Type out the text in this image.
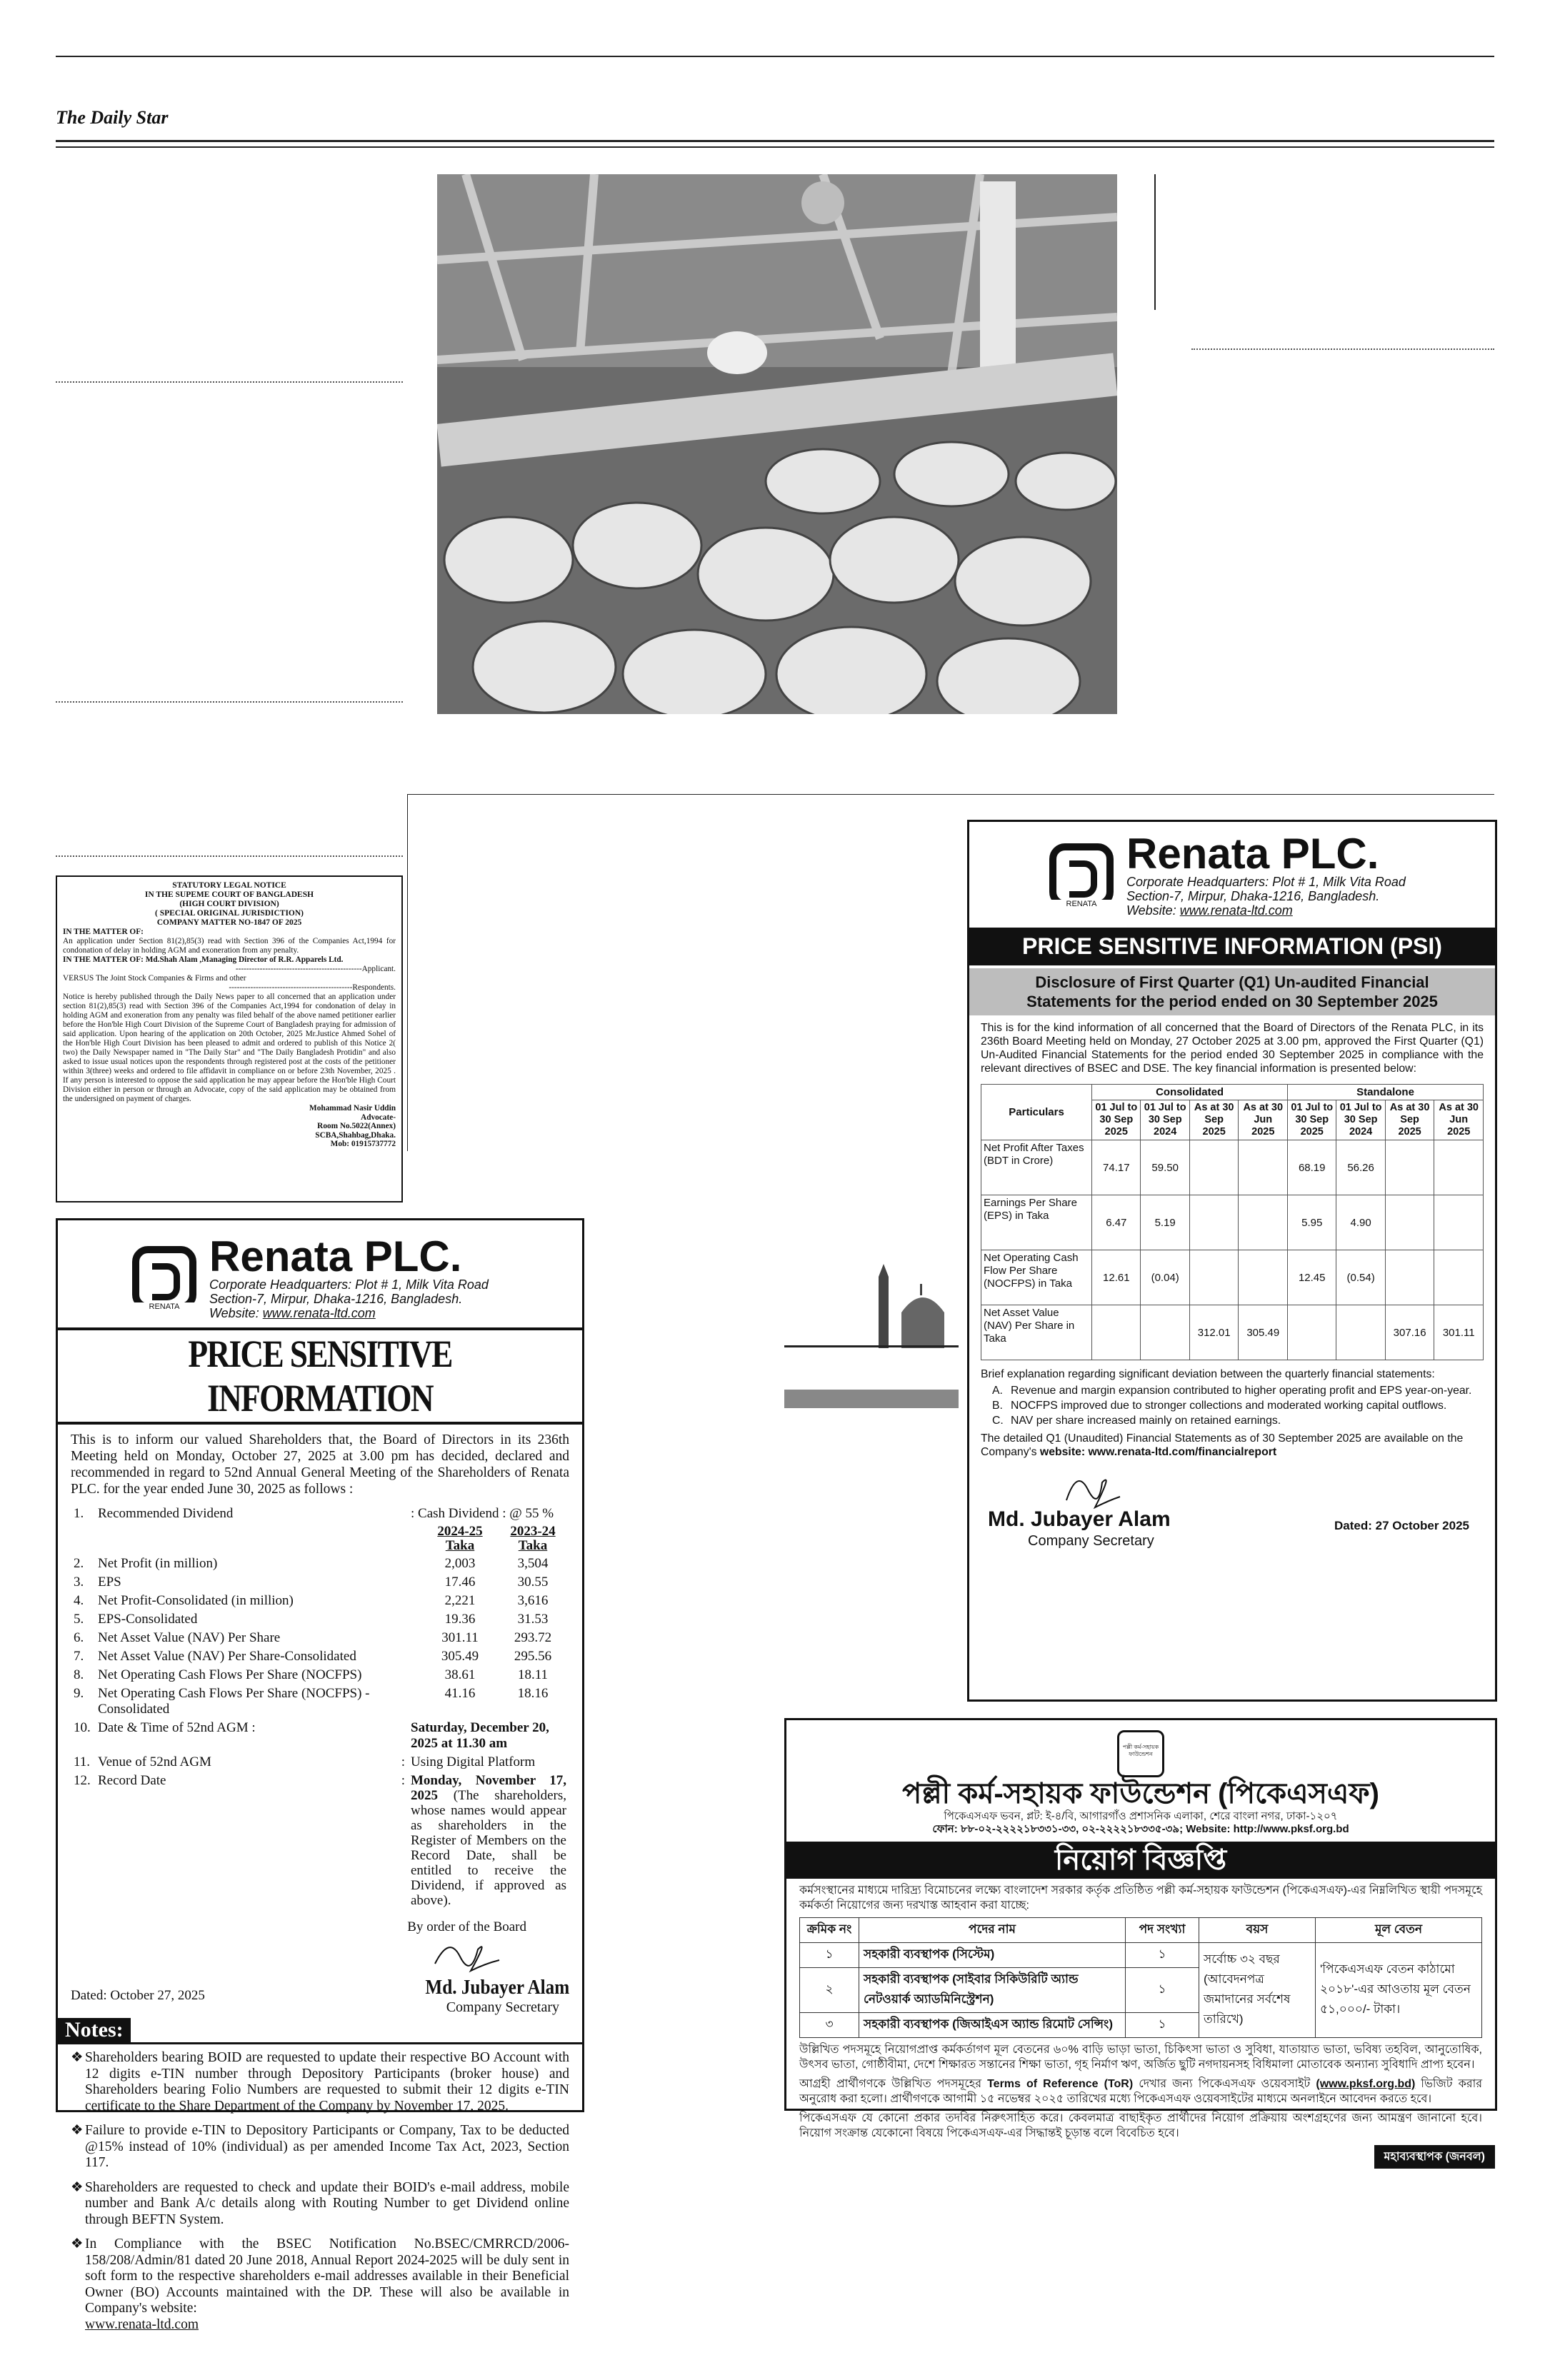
The Daily Star
STATUTORY LEGAL NOTICE
IN THE SUPEME COURT OF BANGLADESH
(HIGH COURT DIVISION)
( SPECIAL ORIGINAL JURISDICTION)
COMPANY MATTER NO-1847 OF 2025

IN THE MATTER OF:

An application under Section 81(2),85(3) read with Section 396 of the Companies Act,1994 for condonation of delay in holding AGM and exoneration from any penalty.

IN THE MATTER OF: Md.Shah Alam ,Managing Director of R.R. Apparels Ltd.

-----------------------------------------------Applicant.

VERSUS The Joint Stock Companies & Firms and other

----------------------------------------------Respondents.

Notice is hereby published through the Daily News paper to all concerned that an application under section 81(2),85(3) read with Section 396 of the Companies Act,1994 for condonation of delay in holding AGM and exoneration from any penalty was filed behalf of the above named petitioner earlier before the Hon'ble High Court Division of the Supreme Court of Bangladesh praying for admission of said application. Upon hearing of the application on 20th October, 2025 Mr.Justice Ahmed Sohel of the Hon'ble High Court Division has been pleased to admit and ordered to publish of this Notice 2( two) the Daily Newspaper named in "The Daily Star" and "The Daily Bangladesh Protidin" and also asked to issue usual notices upon the respondents through registered post at the costs of the petitioner within 3(three) weeks and ordered to file affidavit in compliance on or before 23th November, 2025 . If any person is interested to oppose the said application he may appear before the Hon'ble High Court Division either in person or through an Advocate, copy of the said application may be obtained from the undersigned on payment of charges.

Mohammad Nasir Uddin
Advocate-
Room No.5022(Annex)
SCBA,Shahbag,Dhaka.
Mob: 01915737772
RENATA
Renata PLC.
Corporate Headquarters: Plot # 1, Milk Vita Road
Section-7, Mirpur, Dhaka-1216, Bangladesh.
Website: www.renata-ltd.com
PRICE SENSITIVE INFORMATION
This is to inform our valued Shareholders that, the Board of Directors in its 236th Meeting held on Monday, October 27, 2025 at 3.00 pm has decided, declared and recommended in regard to 52nd Annual General Meeting of the Shareholders of Renata PLC. for the year ended June 30, 2025 as follows :
1.	Recommended Dividend	: Cash Dividend : @ 55 %		
			2024-25
Taka	2023-24
Taka
2.	Net Profit (in million)		2,003	3,504
3.	EPS		17.46	30.55
4.	Net Profit-Consolidated (in million)		2,221	3,616
5.	EPS-Consolidated		19.36	31.53
6.	Net Asset Value (NAV) Per Share		301.11	293.72
7.	Net Asset Value (NAV) Per Share-Consolidated		305.49	295.56
8.	Net Operating Cash Flows Per Share (NOCFPS)		38.61	18.11
9.	Net Operating Cash Flows Per Share (NOCFPS) -Consolidated		41.16	18.16
10.	Date & Time of 52nd AGM :	Saturday, December 20, 2025 at 11.30 am		
11.	Venue of 52nd AGM :	Using Digital Platform		
12.	Record Date :	Monday, November 17, 2025 (The shareholders, whose names would appear as shareholders in the Register of Members on the Record Date, shall be entitled to receive the Dividend, if approved as above).		
By order of the Board
Dated: October 27, 2025	Md. Jubayer Alam
Company Secretary
Notes:
❖ Shareholders bearing BOID are requested to update their respective BO Account with 12 digits e-TIN number through Depository Participants (broker house) and Shareholders bearing Folio Numbers are requested to submit their 12 digits e-TIN certificate to the Share Department of the Company by November 17, 2025.
❖ Failure to provide e-TIN to Depository Participants or Company, Tax to be deducted @15% instead of 10% (individual) as per amended Income Tax Act, 2023, Section 117.
❖ Shareholders are requested to check and update their BOID's e-mail address, mobile number and Bank A/c details along with Routing Number to get Dividend online through BEFTN System.
❖ In Compliance with the BSEC Notification No.BSEC/CMRRCD/2006-158/208/Admin/81 dated 20 June 2018, Annual Report 2024-2025 will be duly sent in soft form to the respective shareholders e-mail addresses available in their Beneficial Owner (BO) Accounts maintained with the DP. These will also be available in Company's website:
www.renata-ltd.com
RENATA
Renata PLC.
Corporate Headquarters: Plot # 1, Milk Vita Road
Section-7, Mirpur, Dhaka-1216, Bangladesh.
Website: www.renata-ltd.com
PRICE SENSITIVE INFORMATION (PSI)
Disclosure of First Quarter (Q1) Un-audited Financial Statements for the period ended on 30 September 2025
This is for the kind information of all concerned that the Board of Directors of the Renata PLC, in its 236th Board Meeting held on Monday, 27 October 2025 at 3.00 pm, approved the First Quarter (Q1) Un-Audited Financial Statements for the period ended 30 September 2025 in compliance with the relevant directives of BSEC and DSE. The key financial information is presented below:
Particulars	Consolidated				Standalone			
	01 Jul to 30 Sep 2025	01 Jul to 30 Sep 2024	As at 30 Sep 2025	As at 30 Jun 2025	01 Jul to 30 Sep 2025	01 Jul to 30 Sep 2024	As at 30 Sep 2025	As at 30 Jun 2025
Net Profit After Taxes (BDT in Crore)	74.17	59.50			68.19	56.26		
Earnings Per Share (EPS) in Taka	6.47	5.19			5.95	4.90		
Net Operating Cash Flow Per Share (NOCFPS) in Taka	12.61	(0.04)			12.45	(0.54)		
Net Asset Value (NAV) Per Share in Taka			312.01	305.49			307.16	301.11
Brief explanation regarding significant deviation between the quarterly financial statements:
A. Revenue and margin expansion contributed to higher operating profit and EPS year-on-year.
B. NOCFPS improved due to stronger collections and moderated working capital outflows.
C. NAV per share increased mainly on retained earnings.
The detailed Q1 (Unaudited) Financial Statements as of 30 September 2025 are available on the Company's website: www.renata-ltd.com/financialreport
Md. Jubayer Alam
Company Secretary
Dated: 27 October 2025
পল্লী কর্ম-সহায়ক ফাউন্ডেশন
পল্লী কর্ম-সহায়ক ফাউন্ডেশন (পিকেএসএফ)
পিকেএসএফ ভবন, প্লট: ই-৪/বি, আগারগাঁও প্রশাসনিক এলাকা, শেরে বাংলা নগর, ঢাকা-১২০৭
ফোন: ৮৮-০২-২২২২১৮৩৩১-৩৩, ০২-২২২২১৮৩৩৫-৩৯; Website: http://www.pksf.org.bd
নিয়োগ বিজ্ঞপ্তি
কর্মসংস্থানের মাধ্যমে দারিদ্র্য বিমোচনের লক্ষ্যে বাংলাদেশ সরকার কর্তৃক প্রতিষ্ঠিত পল্লী কর্ম-সহায়ক ফাউন্ডেশন (পিকেএসএফ)-এর নিম্নলিখিত স্থায়ী পদসমূহে কর্মকর্তা নিয়োগের জন্য দরখাস্ত আহবান করা যাচ্ছে:
ক্রমিক নং	পদের নাম	পদ সংখ্যা	বয়স	মূল বেতন
১	সহকারী ব্যবস্থাপক (সিস্টেম)	১	সর্বোচ্চ ৩২ বছর (আবেদনপত্র জমাদানের সর্বশেষ তারিখে)	'পিকেএসএফ বেতন কাঠামো ২০১৮'-এর আওতায় মূল বেতন ৫১,০০০/- টাকা।
২	সহকারী ব্যবস্থাপক (সাইবার সিকিউরিটি অ্যান্ড নেটওয়ার্ক অ্যাডমিনিস্ট্রেশন)	১		
৩	সহকারী ব্যবস্থাপক (জিআইএস অ্যান্ড রিমোট সেন্সিং)	১		
উল্লিখিত পদসমূহে নিয়োগপ্রাপ্ত কর্মকর্তাগণ মূল বেতনের ৬০% বাড়ি ভাড়া ভাতা, চিকিৎসা ভাতা ও সুবিধা, যাতায়াত ভাতা, ভবিষ্য তহবিল, আনুতোষিক, উৎসব ভাতা, গোষ্ঠীবীমা, দেশে শিক্ষারত সন্তানের শিক্ষা ভাতা, গৃহ নির্মাণ ঋণ, অর্জিত ছুটি নগদায়নসহ বিধিমালা মোতাবেক অন্যান্য সুবিধাদি প্রাপ্য হবেন।
আগ্রহী প্রার্থীগণকে উল্লিখিত পদসমূহের Terms of Reference (ToR) দেখার জন্য পিকেএসএফ ওয়েবসাইট (www.pksf.org.bd) ভিজিট করার অনুরোধ করা হলো। প্রার্থীগণকে আগামী ১৫ নভেম্বর ২০২৫ তারিখের মধ্যে পিকেএসএফ ওয়েবসাইটের মাধ্যমে অনলাইনে আবেদন করতে হবে।
পিকেএসএফ যে কোনো প্রকার তদবির নিরুৎসাহিত করে। কেবলমাত্র বাছাইকৃত প্রার্থীদের নিয়োগ প্রক্রিয়ায় অংশগ্রহণের জন্য আমন্ত্রণ জানানো হবে। নিয়োগ সংক্রান্ত যেকোনো বিষয়ে পিকেএসএফ-এর সিদ্ধান্তই চূড়ান্ত বলে বিবেচিত হবে।
মহাব্যবস্থাপক (জনবল)
